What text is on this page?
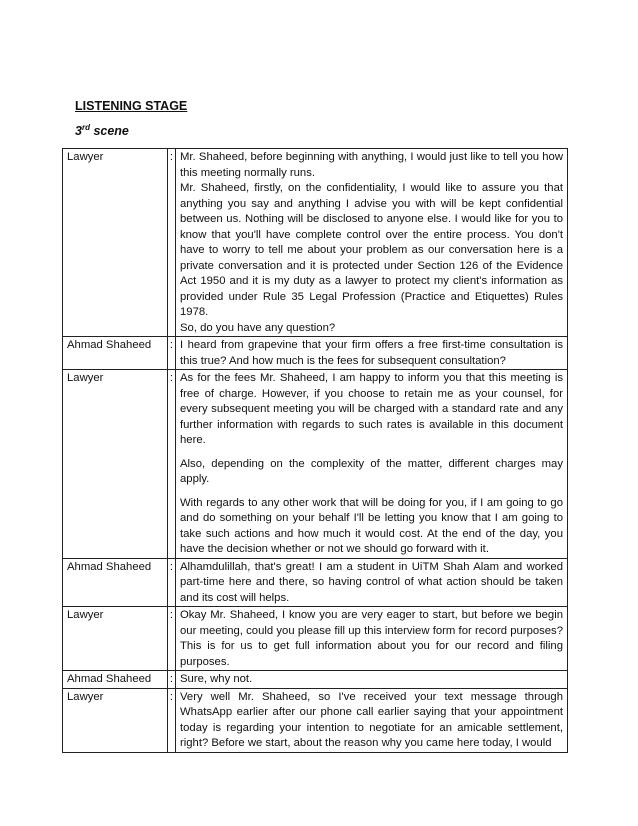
LISTENING STAGE
3rd scene
Lawyer	:	Mr. Shaheed, before beginning with anything, I would just like to tell you how this meeting normally runs.

Mr. Shaheed, firstly, on the confidentiality, I would like to assure you that anything you say and anything I advise you with will be kept confidential between us. Nothing will be disclosed to anyone else. I would like for you to know that you'll have complete control over the entire process. You don't have to worry to tell me about your problem as our conversation here is a private conversation and it is protected under Section 126 of the Evidence Act 1950 and it is my duty as a lawyer to protect my client's information as provided under Rule 35 Legal Profession (Practice and Etiquettes) Rules 1978.

So, do you have any question?

Ahmad Shaheed	:	I heard from grapevine that your firm offers a free first-time consultation is this true? And how much is the fees for subsequent consultation?

Lawyer	:	As for the fees Mr. Shaheed, I am happy to inform you that this meeting is free of charge. However, if you choose to retain me as your counsel, for every subsequent meeting you will be charged with a standard rate and any further information with regards to such rates is available in this document here.

Also, depending on the complexity of the matter, different charges may apply.

With regards to any other work that will be doing for you, if I am going to go and do something on your behalf I'll be letting you know that I am going to take such actions and how much it would cost. At the end of the day, you have the decision whether or not we should go forward with it.

Ahmad Shaheed	:	Alhamdulillah, that's great! I am a student in UiTM Shah Alam and worked part-time here and there, so having control of what action should be taken and its cost will helps.

Lawyer	:	Okay Mr. Shaheed, I know you are very eager to start, but before we begin our meeting, could you please fill up this interview form for record purposes? This is for us to get full information about you for our record and filing purposes.

Ahmad Shaheed	:	Sure, why not.

Lawyer	:	Very well Mr. Shaheed, so I've received your text message through WhatsApp earlier after our phone call earlier saying that your appointment today is regarding your intention to negotiate for an amicable settlement, right? Before we start, about the reason why you came here today, I would
